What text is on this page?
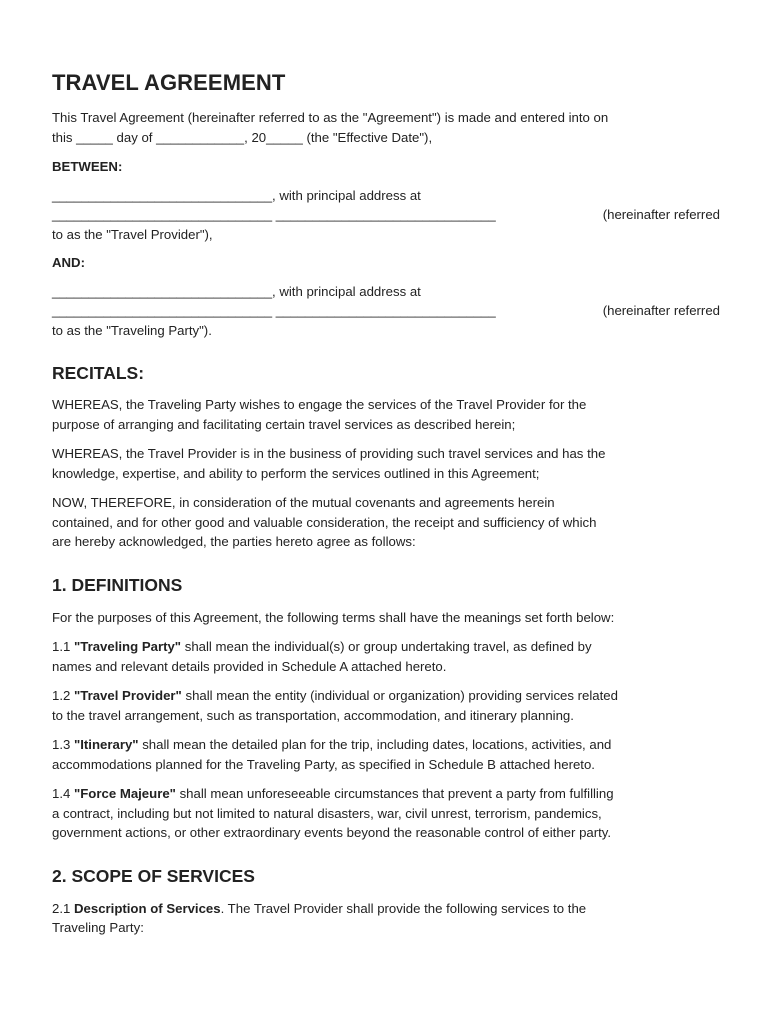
TRAVEL AGREEMENT

This Travel Agreement (hereinafter referred to as the "Agreement") is made and entered into on
this _____ day of ____________, 20_____ (the "Effective Date"),

BETWEEN:

______________________________, with principal address at
______________________________ ______________________________	(hereinafter referred
to as the "Travel Provider"),

AND:

______________________________, with principal address at
______________________________ ______________________________	(hereinafter referred
to as the "Traveling Party").

RECITALS:

WHEREAS, the Traveling Party wishes to engage the services of the Travel Provider for the
purpose of arranging and facilitating certain travel services as described herein;

WHEREAS, the Travel Provider is in the business of providing such travel services and has the
knowledge, expertise, and ability to perform the services outlined in this Agreement;

NOW, THEREFORE, in consideration of the mutual covenants and agreements herein
contained, and for other good and valuable consideration, the receipt and sufficiency of which
are hereby acknowledged, the parties hereto agree as follows:

1. DEFINITIONS

For the purposes of this Agreement, the following terms shall have the meanings set forth below:

1.1 "Traveling Party" shall mean the individual(s) or group undertaking travel, as defined by
names and relevant details provided in Schedule A attached hereto.

1.2 "Travel Provider" shall mean the entity (individual or organization) providing services related
to the travel arrangement, such as transportation, accommodation, and itinerary planning.

1.3 "Itinerary" shall mean the detailed plan for the trip, including dates, locations, activities, and
accommodations planned for the Traveling Party, as specified in Schedule B attached hereto.

1.4 "Force Majeure" shall mean unforeseeable circumstances that prevent a party from fulfilling
a contract, including but not limited to natural disasters, war, civil unrest, terrorism, pandemics,
government actions, or other extraordinary events beyond the reasonable control of either party.

2. SCOPE OF SERVICES

2.1 Description of Services. The Travel Provider shall provide the following services to the
Traveling Party:
